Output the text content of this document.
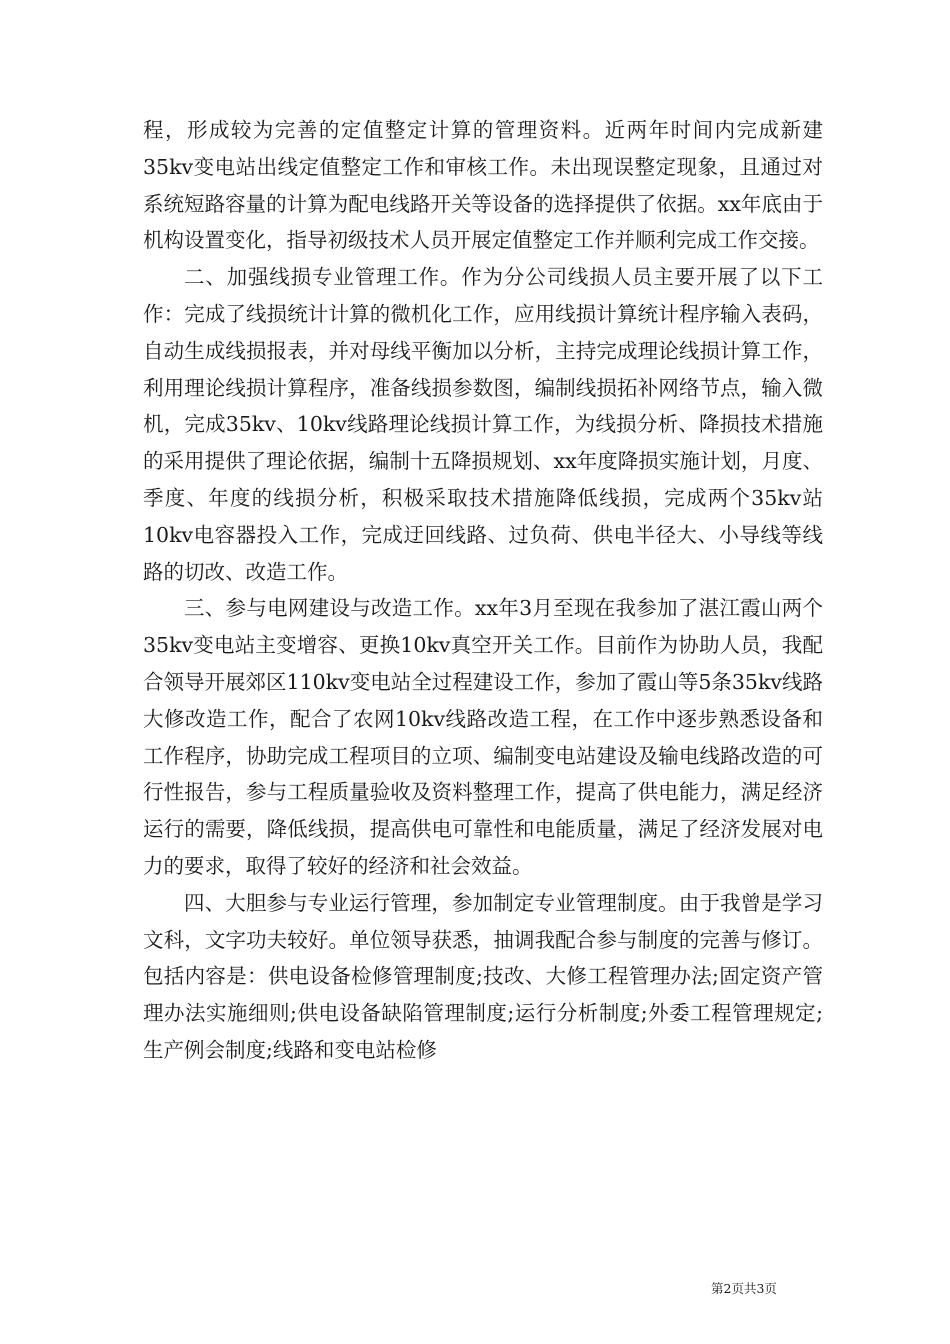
程，形成较为完善的定值整定计算的管理资料。近两年时间内完成新建35kv变电站出线定值整定工作和审核工作。未出现误整定现象，且通过对系统短路容量的计算为配电线路开关等设备的选择提供了依据。xx年底由于机构设置变化，指导初级技术人员开展定值整定工作并顺利完成工作交接。

二、加强线损专业管理工作。作为分公司线损人员主要开展了以下工作：完成了线损统计计算的微机化工作，应用线损计算统计程序输入表码，自动生成线损报表，并对母线平衡加以分析，主持完成理论线损计算工作，利用理论线损计算程序，准备线损参数图，编制线损拓补网络节点，输入微机，完成35kv、10kv线路理论线损计算工作，为线损分析、降损技术措施的采用提供了理论依据，编制十五降损规划、xx年度降损实施计划，月度、季度、年度的线损分析，积极采取技术措施降低线损，完成两个35kv站10kv电容器投入工作，完成迂回线路、过负荷、供电半径大、小导线等线路的切改、改造工作。

三、参与电网建设与改造工作。xx年3月至现在我参加了湛江霞山两个35kv变电站主变增容、更换10kv真空开关工作。目前作为协助人员，我配合领导开展郊区110kv变电站全过程建设工作，参加了霞山等5条35kv线路大修改造工作，配合了农网10kv线路改造工程，在工作中逐步熟悉设备和工作程序，协助完成工程项目的立项、编制变电站建设及输电线路改造的可行性报告，参与工程质量验收及资料整理工作，提高了供电能力，满足经济运行的需要，降低线损，提高供电可靠性和电能质量，满足了经济发展对电力的要求，取得了较好的经济和社会效益。

四、大胆参与专业运行管理，参加制定专业管理制度。由于我曾是学习文科，文字功夫较好。单位领导获悉，抽调我配合参与制度的完善与修订。包括内容是：供电设备检修管理制度;技改、大修工程管理办法;固定资产管理办法实施细则;供电设备缺陷管理制度;运行分析制度;外委工程管理规定;生产例会制度;线路和变电站检修

第2页共3页
